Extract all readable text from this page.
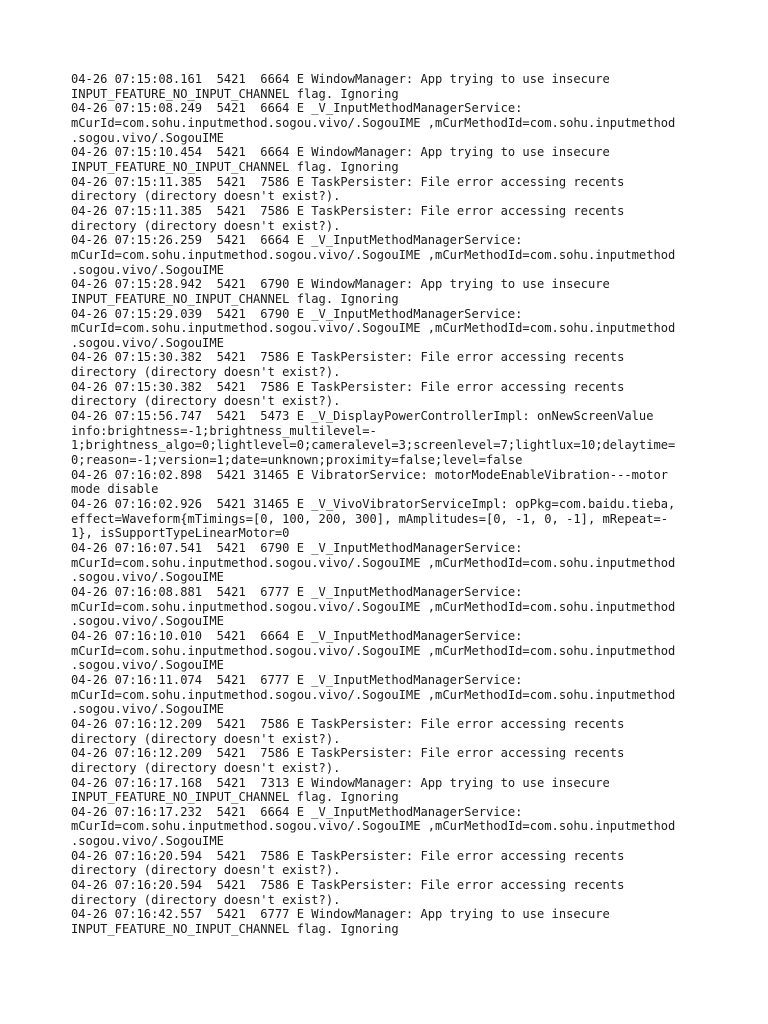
04-26 07:15:08.161  5421  6664 E WindowManager: App trying to use insecure
INPUT_FEATURE_NO_INPUT_CHANNEL flag. Ignoring
04-26 07:15:08.249  5421  6664 E _V_InputMethodManagerService:
mCurId=com.sohu.inputmethod.sogou.vivo/.SogouIME ,mCurMethodId=com.sohu.inputmethod
.sogou.vivo/.SogouIME
04-26 07:15:10.454  5421  6664 E WindowManager: App trying to use insecure
INPUT_FEATURE_NO_INPUT_CHANNEL flag. Ignoring
04-26 07:15:11.385  5421  7586 E TaskPersister: File error accessing recents
directory (directory doesn't exist?).
04-26 07:15:11.385  5421  7586 E TaskPersister: File error accessing recents
directory (directory doesn't exist?).
04-26 07:15:26.259  5421  6664 E _V_InputMethodManagerService:
mCurId=com.sohu.inputmethod.sogou.vivo/.SogouIME ,mCurMethodId=com.sohu.inputmethod
.sogou.vivo/.SogouIME
04-26 07:15:28.942  5421  6790 E WindowManager: App trying to use insecure
INPUT_FEATURE_NO_INPUT_CHANNEL flag. Ignoring
04-26 07:15:29.039  5421  6790 E _V_InputMethodManagerService:
mCurId=com.sohu.inputmethod.sogou.vivo/.SogouIME ,mCurMethodId=com.sohu.inputmethod
.sogou.vivo/.SogouIME
04-26 07:15:30.382  5421  7586 E TaskPersister: File error accessing recents
directory (directory doesn't exist?).
04-26 07:15:30.382  5421  7586 E TaskPersister: File error accessing recents
directory (directory doesn't exist?).
04-26 07:15:56.747  5421  5473 E _V_DisplayPowerControllerImpl: onNewScreenValue
info:brightness=-1;brightness_multilevel=-
1;brightness_algo=0;lightlevel=0;cameralevel=3;screenlevel=7;lightlux=10;delaytime=
0;reason=-1;version=1;date=unknown;proximity=false;level=false
04-26 07:16:02.898  5421 31465 E VibratorService: motorModeEnableVibration---motor
mode disable
04-26 07:16:02.926  5421 31465 E _V_VivoVibratorServiceImpl: opPkg=com.baidu.tieba,
effect=Waveform{mTimings=[0, 100, 200, 300], mAmplitudes=[0, -1, 0, -1], mRepeat=-
1}, isSupportTypeLinearMotor=0
04-26 07:16:07.541  5421  6790 E _V_InputMethodManagerService:
mCurId=com.sohu.inputmethod.sogou.vivo/.SogouIME ,mCurMethodId=com.sohu.inputmethod
.sogou.vivo/.SogouIME
04-26 07:16:08.881  5421  6777 E _V_InputMethodManagerService:
mCurId=com.sohu.inputmethod.sogou.vivo/.SogouIME ,mCurMethodId=com.sohu.inputmethod
.sogou.vivo/.SogouIME
04-26 07:16:10.010  5421  6664 E _V_InputMethodManagerService:
mCurId=com.sohu.inputmethod.sogou.vivo/.SogouIME ,mCurMethodId=com.sohu.inputmethod
.sogou.vivo/.SogouIME
04-26 07:16:11.074  5421  6777 E _V_InputMethodManagerService:
mCurId=com.sohu.inputmethod.sogou.vivo/.SogouIME ,mCurMethodId=com.sohu.inputmethod
.sogou.vivo/.SogouIME
04-26 07:16:12.209  5421  7586 E TaskPersister: File error accessing recents
directory (directory doesn't exist?).
04-26 07:16:12.209  5421  7586 E TaskPersister: File error accessing recents
directory (directory doesn't exist?).
04-26 07:16:17.168  5421  7313 E WindowManager: App trying to use insecure
INPUT_FEATURE_NO_INPUT_CHANNEL flag. Ignoring
04-26 07:16:17.232  5421  6664 E _V_InputMethodManagerService:
mCurId=com.sohu.inputmethod.sogou.vivo/.SogouIME ,mCurMethodId=com.sohu.inputmethod
.sogou.vivo/.SogouIME
04-26 07:16:20.594  5421  7586 E TaskPersister: File error accessing recents
directory (directory doesn't exist?).
04-26 07:16:20.594  5421  7586 E TaskPersister: File error accessing recents
directory (directory doesn't exist?).
04-26 07:16:42.557  5421  6777 E WindowManager: App trying to use insecure
INPUT_FEATURE_NO_INPUT_CHANNEL flag. Ignoring
